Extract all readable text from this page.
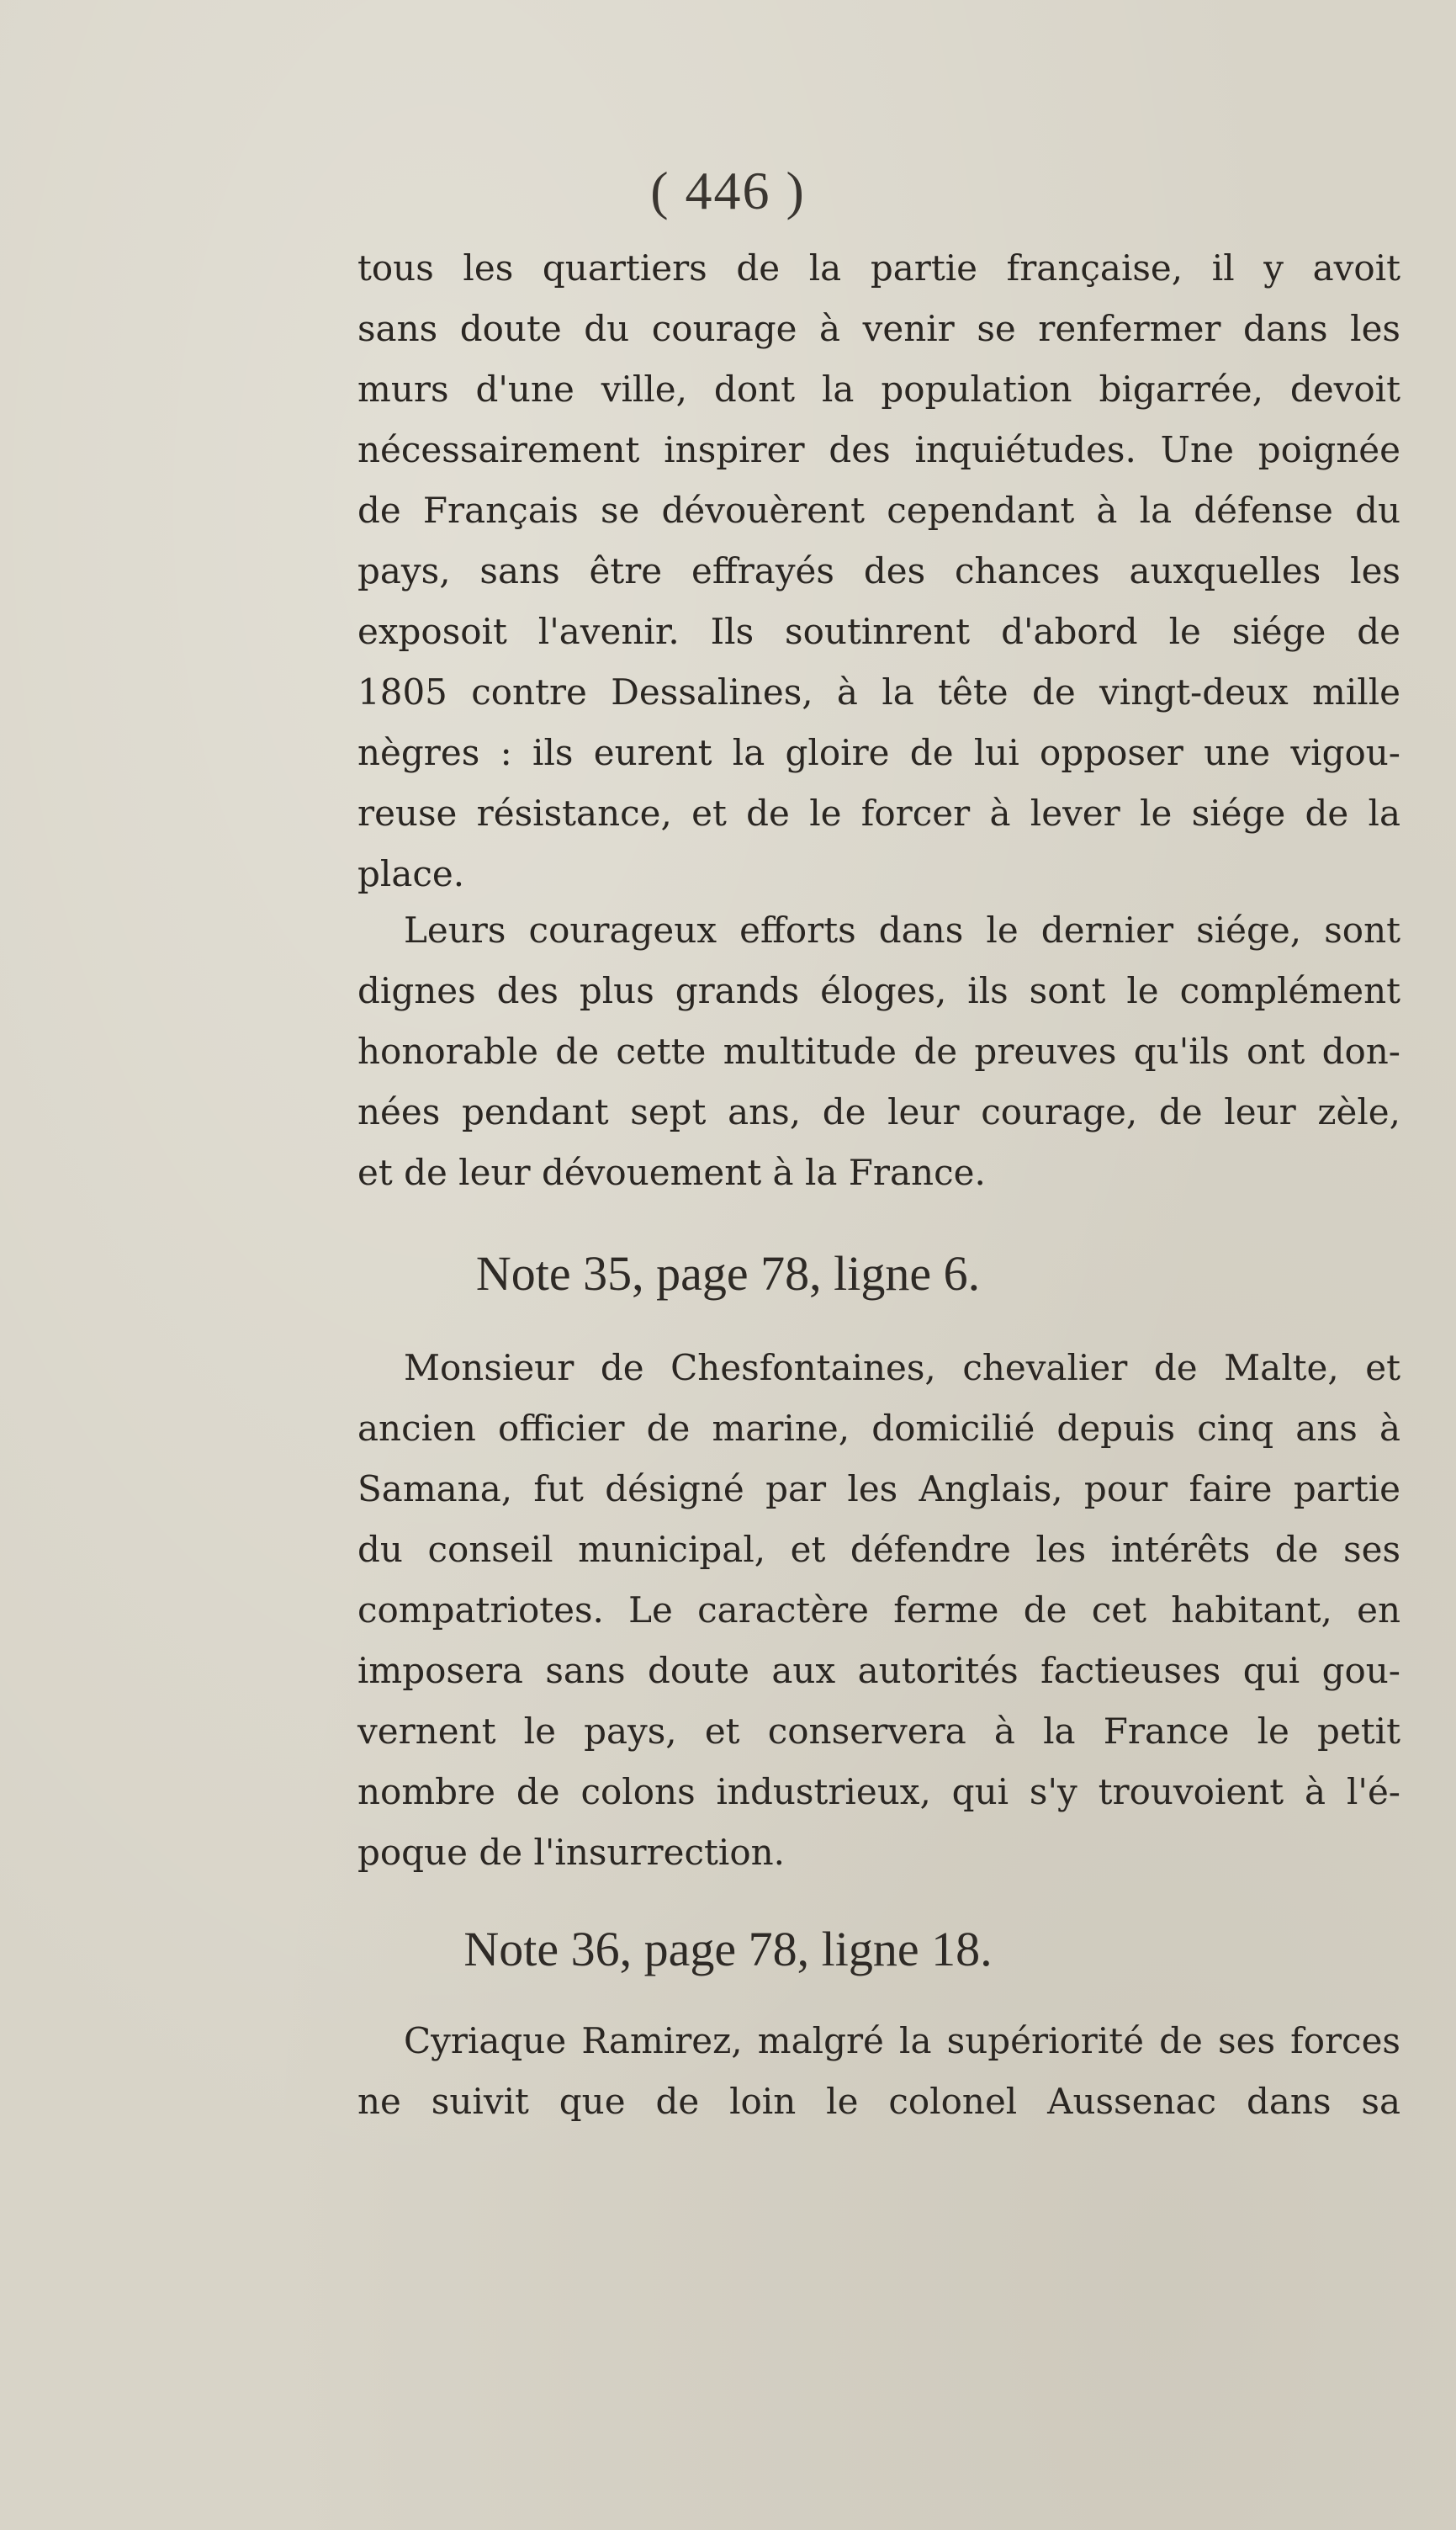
( 446 )
tous les quartiers de la partie française, il y avoit
sans doute du courage à venir se renfermer dans les
murs d'une ville, dont la population bigarrée, devoit
nécessairement inspirer des inquiétudes. Une poignée
de Français se dévouèrent cependant à la défense du
pays, sans être effrayés des chances auxquelles les
exposoit l'avenir. Ils soutinrent d'abord le siége de
1805 contre Dessalines, à la tête de vingt-deux mille
nègres : ils eurent la gloire de lui opposer une vigou-
reuse résistance, et de le forcer à lever le siége de la
place.
Leurs courageux efforts dans le dernier siége, sont
dignes des plus grands éloges, ils sont le complément
honorable de cette multitude de preuves qu'ils ont don-
nées pendant sept ans, de leur courage, de leur zèle,
et de leur dévouement à la France.
Note 35, page 78, ligne 6.
Monsieur de Chesfontaines, chevalier de Malte, et
ancien officier de marine, domicilié depuis cinq ans à
Samana, fut désigné par les Anglais, pour faire partie
du conseil municipal, et défendre les intérêts de ses
compatriotes. Le caractère ferme de cet habitant, en
imposera sans doute aux autorités factieuses qui gou-
vernent le pays, et conservera à la France le petit
nombre de colons industrieux, qui s'y trouvoient à l'é-
poque de l'insurrection.
Note 36, page 78, ligne 18.
Cyriaque Ramirez, malgré la supériorité de ses forces
ne suivit que de loin le colonel Aussenac dans sa
